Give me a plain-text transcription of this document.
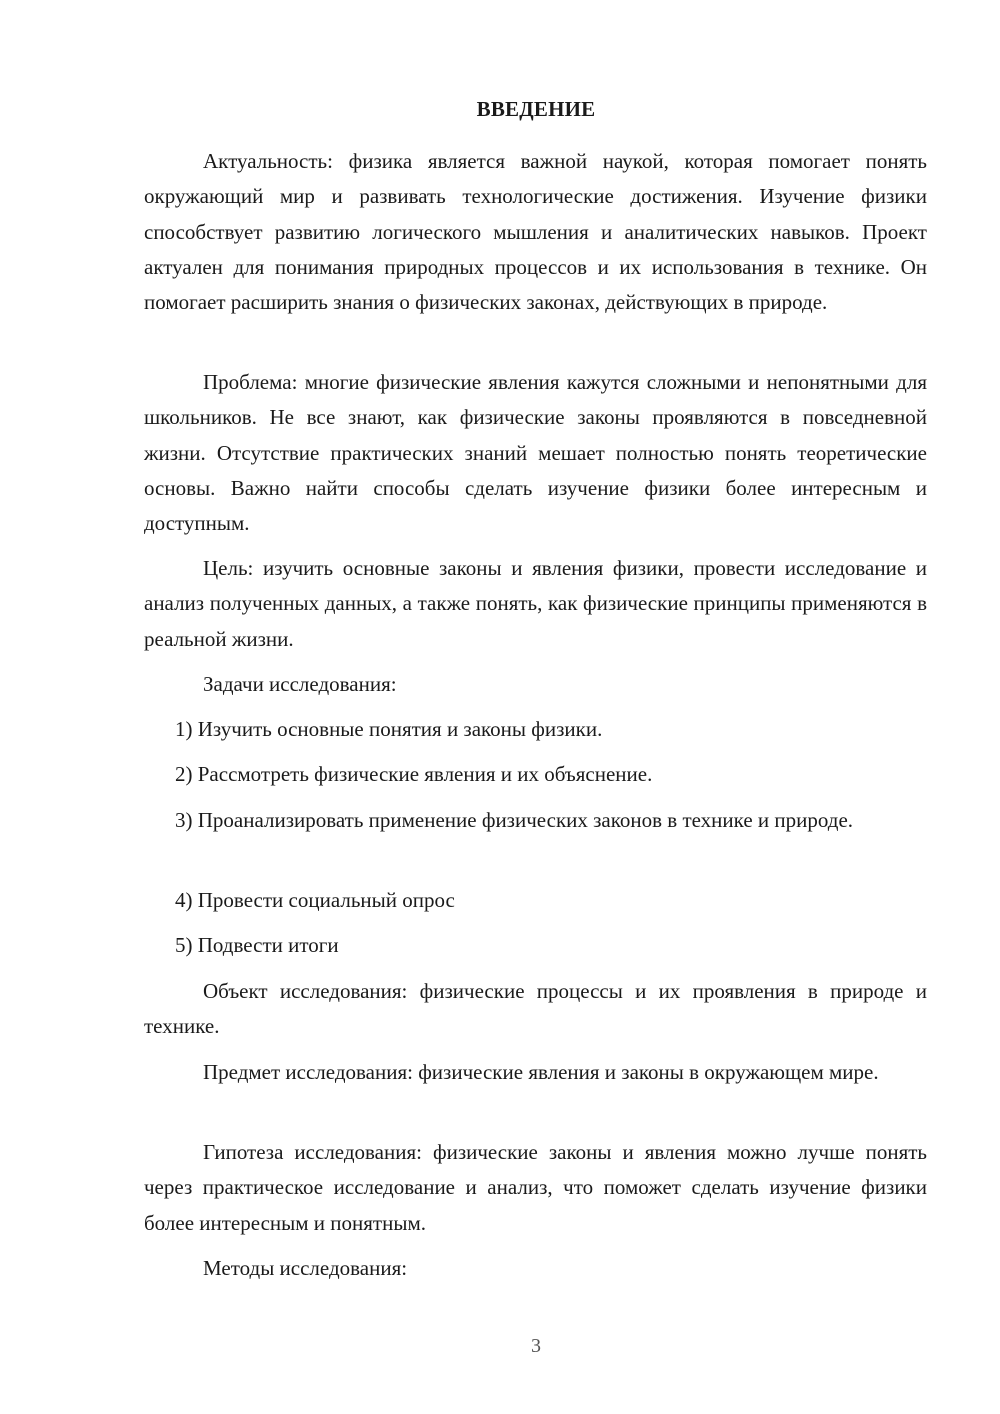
ВВЕДЕНИЕ

Актуальность: физика является важной наукой, которая помогает понять окружающий мир и развивать технологические достижения. Изучение физики способствует развитию логического мышления и аналитических навыков. Проект актуален для понимания природных процессов и их использования в технике. Он помогает расширить знания о физических законах, действующих в природе.

Проблема: многие физические явления кажутся сложными и непонятными для школьников. Не все знают, как физические законы проявляются в повседневной жизни. Отсутствие практических знаний мешает полностью понять теоретические основы. Важно найти способы сделать изучение физики более интересным и доступным.

Цель: изучить основные законы и явления физики, провести исследование и анализ полученных данных, а также понять, как физические принципы применяются в реальной жизни.

Задачи исследования:

1) Изучить основные понятия и законы физики.

2) Рассмотреть физические явления и их объяснение.

3) Проанализировать применение физических законов в технике и природе.

4) Провести социальный опрос

5) Подвести итоги

Объект исследования: физические процессы и их проявления в природе и технике.

Предмет исследования: физические явления и законы в окружающем мире.

Гипотеза исследования: физические законы и явления можно лучше понять через практическое исследование и анализ, что поможет сделать изучение физики более интересным и понятным.

Методы исследования:

3
